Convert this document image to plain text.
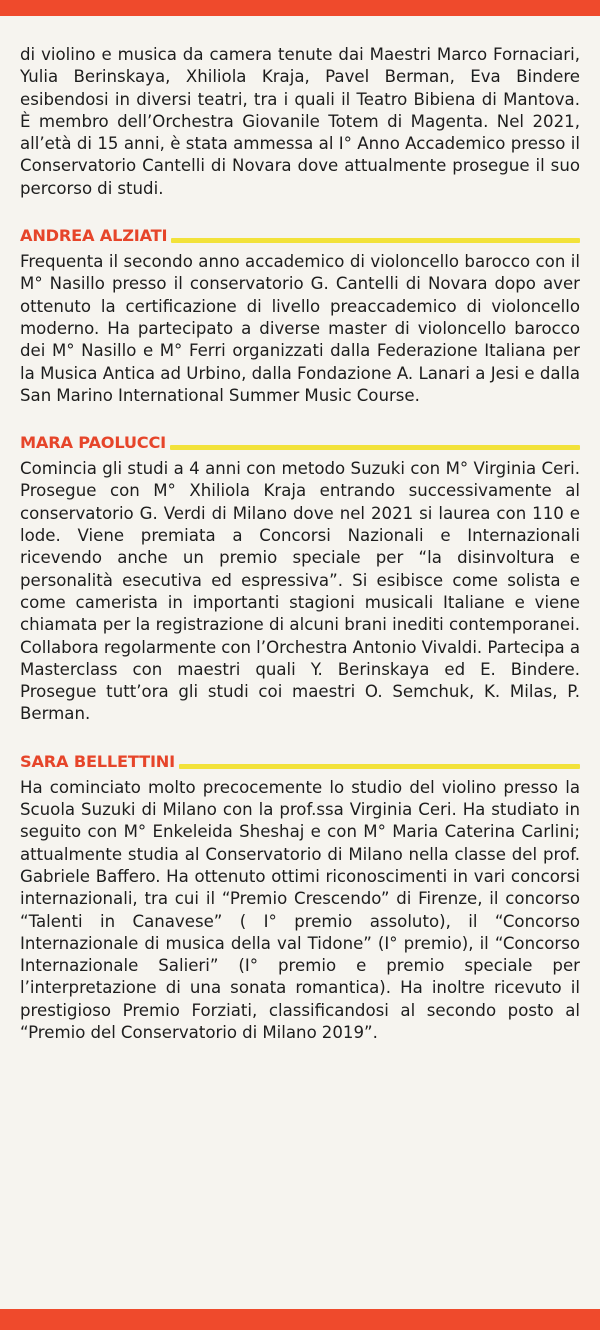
di violino e musica da camera tenute dai Maestri Marco Fornaciari, Yulia Berinskaya, Xhiliola Kraja, Pavel Berman, Eva Bindere esibendosi in diversi teatri, tra i quali il Teatro Bibiena di Mantova. È membro dell’Orchestra Giovanile Totem di Magenta. Nel 2021, all’età di 15 anni, è stata ammessa al I° Anno Accademico presso il Conservatorio Cantelli di Novara dove attualmente prosegue il suo percorso di studi.

ANDREA ALZIATI

Frequenta il secondo anno accademico di violoncello barocco con il M° Nasillo presso il conservatorio G. Cantelli di Novara dopo aver ottenuto la certificazione di livello preaccademico di violoncello moderno. Ha partecipato a diverse master di violoncello barocco dei M° Nasillo e M° Ferri organizzati dalla Federazione Italiana per la Musica Antica ad Urbino, dalla Fondazione A. Lanari a Jesi e dalla San Marino International Summer Music Course.

MARA PAOLUCCI

Comincia gli studi a 4 anni con metodo Suzuki con M° Virginia Ceri. Prosegue con M° Xhiliola Kraja entrando successivamente al conservatorio G. Verdi di Milano dove nel 2021 si laurea con 110 e lode. Viene premiata a Concorsi Nazionali e Internazionali ricevendo anche un premio speciale per “la disinvoltura e personalità esecutiva ed espressiva”. Si esibisce come solista e come camerista in importanti stagioni musicali Italiane e viene chiamata per la registrazione di alcuni brani inediti contemporanei. Collabora regolarmente con l’Orchestra Antonio Vivaldi. Partecipa a Masterclass con maestri quali Y. Berinskaya ed E. Bindere. Prosegue tutt’ora gli studi coi maestri O. Semchuk, K. Milas, P. Berman.

SARA BELLETTINI

Ha cominciato molto precocemente lo studio del violino presso la Scuola Suzuki di Milano con la prof.ssa Virginia Ceri. Ha studiato in seguito con M° Enkeleida Sheshaj e con M° Maria Caterina Carlini; attualmente studia al Conservatorio di Milano nella classe del prof. Gabriele Baffero. Ha ottenuto ottimi riconoscimenti in vari concorsi internazionali, tra cui il “Premio Crescendo” di Firenze, il concorso “Talenti in Canavese” ( I° premio assoluto), il “Concorso Internazionale di musica della val Tidone” (I° premio), il “Concorso Internazionale Salieri” (I° premio e premio speciale per l’interpretazione di una sonata romantica). Ha inoltre ricevuto il prestigioso Premio Forziati, classificandosi al secondo posto al “Premio del Conservatorio di Milano 2019”.
